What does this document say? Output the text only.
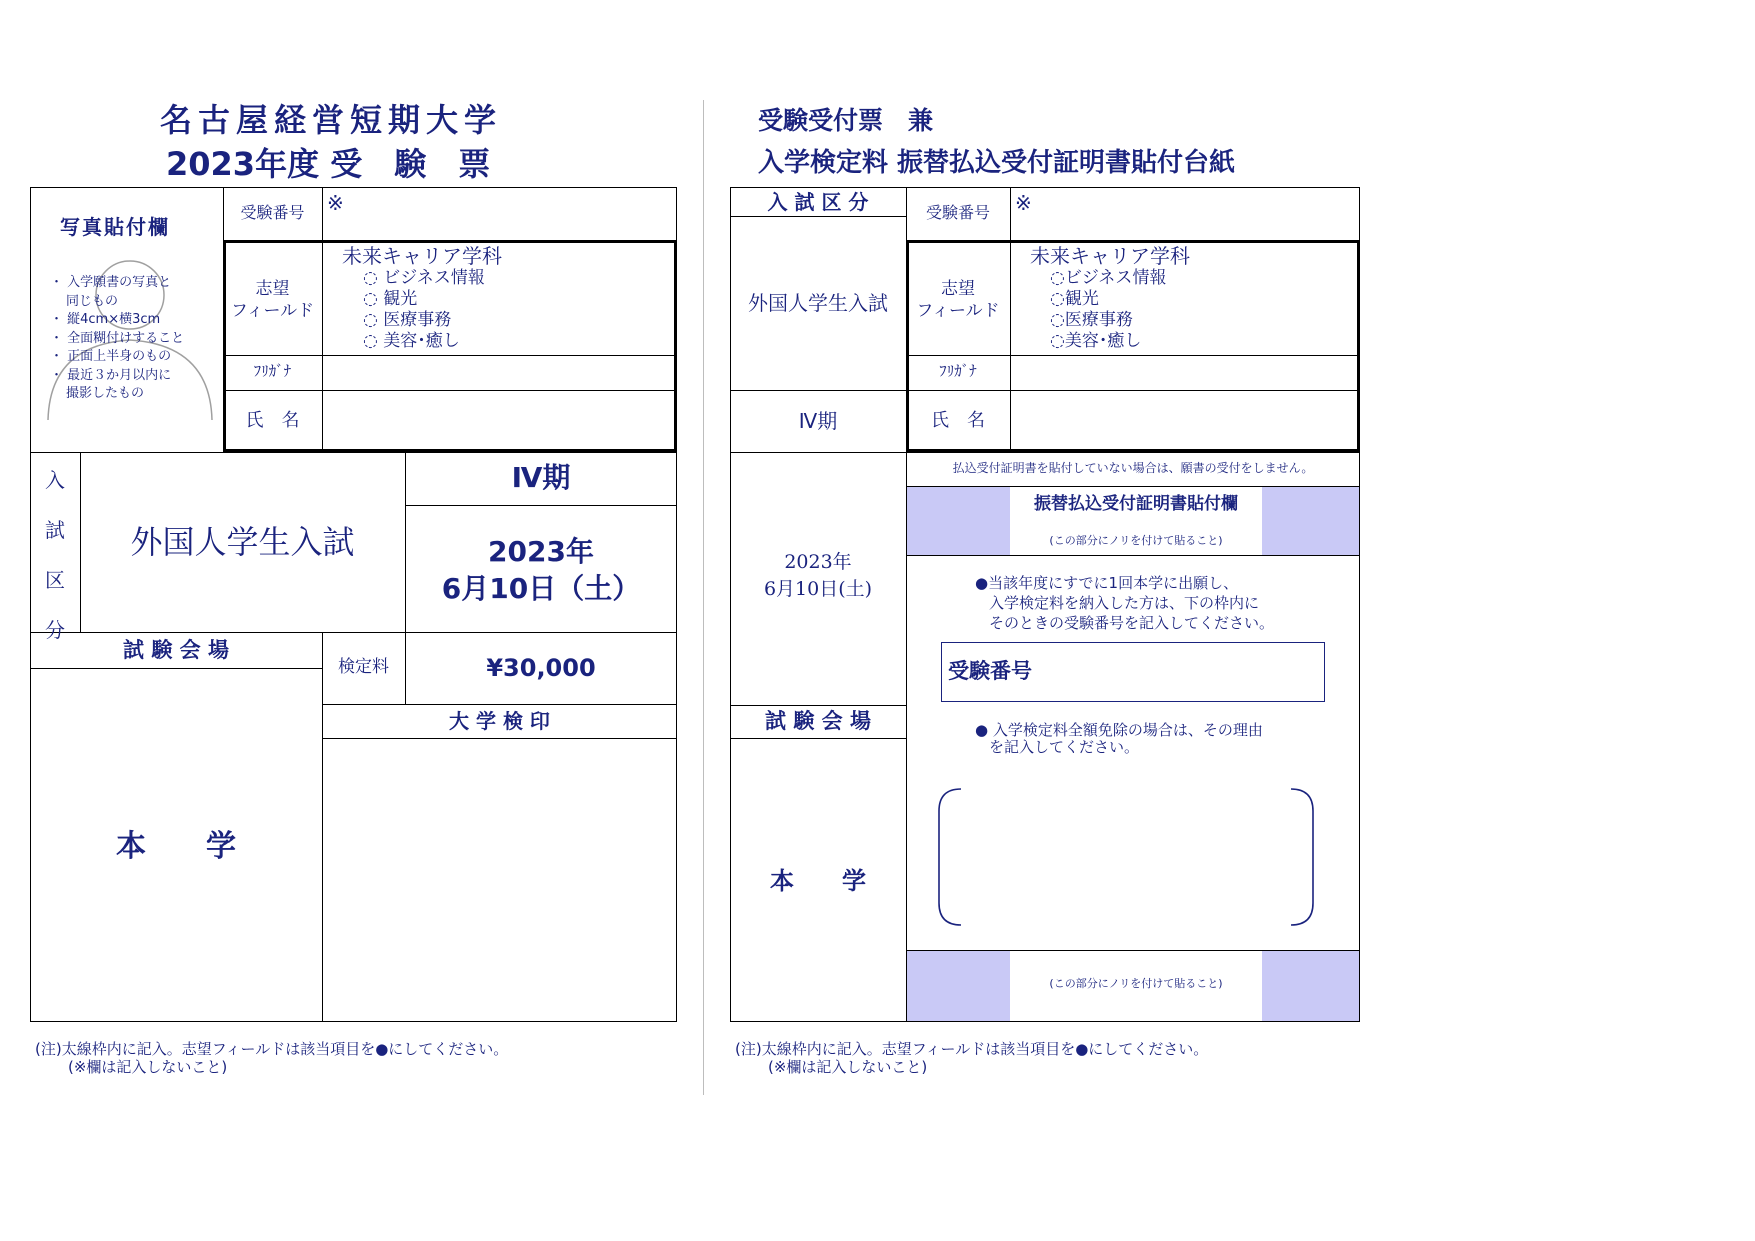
名古屋経営短期大学
2023年度 受　験　票
写真貼付欄
・ 入学願書の写真と
同じもの
・ 縦4cm×横3cm
・ 全面糊付けすること
・ 正面上半身のもの
・ 最近３か月以内に
撮影したもの
受験番号	※
志望
フィールド
未来キャリア学科
◌ ビジネス情報
◌ 観光
◌ 医療事務
◌ 美容･癒し
ﾌﾘｶﾞﾅ
氏　名
入
試
区
分
外国人学生入試
Ⅳ期
2023年
6月10日（土）
試 験 会 場
検定料	¥30,000
大 学 検 印
本　　学
(注)太線枠内に記入。志望フィールドは該当項目を●にしてください。
(※欄は記入しないこと)
受験受付票　兼
入学検定料 振替払込受付証明書貼付台紙
入 試 区 分
外国人学生入試
Ⅳ期
2023年
6月10日(土)
試 験 会 場
本　　学
受験番号	※
志望
フィールド
未来キャリア学科
◌ビジネス情報
◌観光
◌医療事務
◌美容･癒し
ﾌﾘｶﾞﾅ
氏　名
払込受付証明書を貼付していない場合は、願書の受付をしません。
振替払込受付証明書貼付欄
(この部分にノリを付けて貼ること)
●当該年度にすでに1回本学に出願し、
入学検定料を納入した方は、下の枠内に
そのときの受験番号を記入してください。
受験番号
● 入学検定料全額免除の場合は、その理由
を記入してください。
(この部分にノリを付けて貼ること)
(注)太線枠内に記入。志望フィールドは該当項目を●にしてください。
(※欄は記入しないこと)
